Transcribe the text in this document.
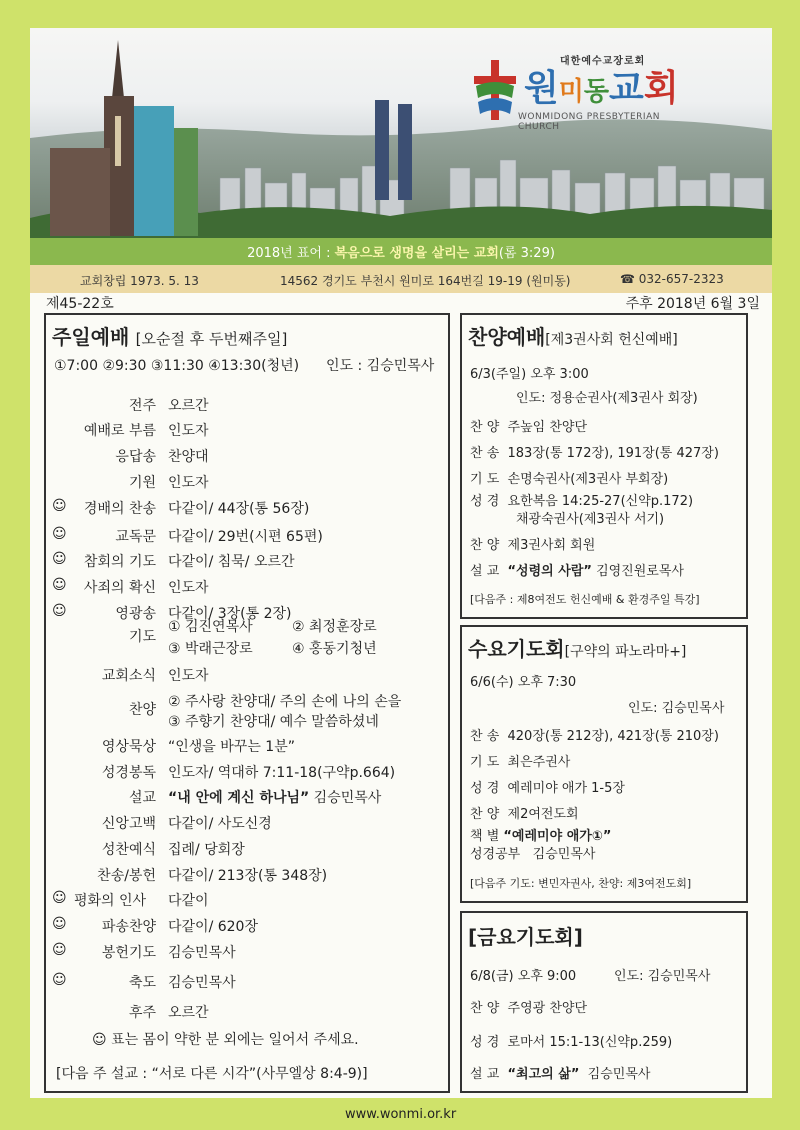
대한예수교장로회
원미동교회
WONMIDONG PRESBYTERIAN CHURCH
2018년 표어 :
복음으로 생명을 살리는 교회 (롬 3:29)
교회창립 1973. 5. 13	14562 경기도 부천시 원미로 164번길 19-19 (원미동)	☎ 032-657-2323
제45-22호	주후 2018년 6월 3일
주일예배 [오순절 후 두번째주일]
①7:00 ②9:30 ③11:30 ④13:30(청년) 인도 : 김승민목사
전주 오르간
예배로 부름 인도자
응답송 찬양대
기원 인도자
☺	경배의 찬송 다같이/ 44장(통 56장)
☺	교독문 다같이/ 29번(시편 65편)
☺	참회의 기도 다같이/ 침묵/ 오르간
☺	사죄의 확신 인도자
☺	영광송 다같이/ 3장(통 2장)
기도
① 김진연목사	② 최정훈장로
③ 박래근장로	④ 홍동기청년
교회소식 인도자
찬양 ② 주사랑 찬양대/ 주의 손에 나의 손을
③ 주향기 찬양대/ 예수 말씀하셨네
영상묵상 “인생을 바꾸는 1분”
성경봉독 인도자/ 역대하 7:11-18(구약p.664)
설교 “내 안에 계신 하나님” 김승민목사
신앙고백 다같이/ 사도신경
성찬예식 집례/ 당회장
찬송/봉헌 다같이/ 213장(통 348장)
☺ 평화의 인사 다같이
☺	파송찬양 다같이/ 620장
☺	봉헌기도 김승민목사
☺	축도 김승민목사
후주 오르간
☺ 표는 몸이 약한 분 외에는 일어서 주세요.
[다음 주 설교 : “서로 다른 시각”(사무엘상 8:4-9)]
찬양예배[제3권사회 헌신예배]
6/3(주일) 오후 3:00
인도: 정용순권사(제3권사 회장)
찬 양 주높임 찬양단
찬 송 183장(통 172장), 191장(통 427장)
기 도 손명숙권사(제3권사 부회장)
성 경 요한복음 14:25-27(신약p.172)
채광숙권사(제3권사 서기)
찬 양 제3권사회 회원
설 교 “성령의 사람” 김영진원로목사
[다음주 : 제8여전도 헌신예배 & 환경주일 특강]
수요기도회[구약의 파노라마+]
6/6(수) 오후 7:30
인도: 김승민목사
찬 송 420장(통 212장), 421장(통 210장)
기 도 최은주권사
성 경 예레미야 애가 1-5장
찬 양 제2여전도회
책 별 “예레미야 애가①”
성경공부 김승민목사
[다음주 기도: 변민자권사, 찬양: 제3여전도회]
[금요기도회]
6/8(금) 오후 9:00	인도: 김승민목사
찬 양 주영광 찬양단
성 경 로마서 15:1-13(신약p.259)
설 교 “최고의 삶” 김승민목사
www.wonmi.or.kr
